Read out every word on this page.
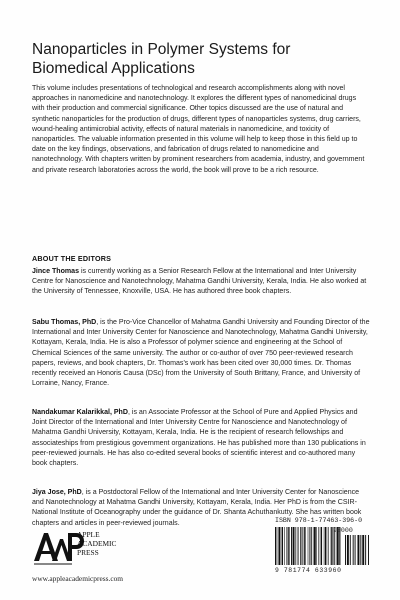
Nanoparticles in Polymer Systems for
Biomedical Applications

This volume includes presentations of technological and research accomplishments along with novel approaches in nanomedicine and nanotechnology. It explores the different types of nanomedicinal drugs with their production and commercial significance. Other topics discussed are the use of natural and synthetic nanoparticles for the production of drugs, different types of nanoparticles systems, drug carriers, wound-healing antimicrobial activity, effects of natural materials in nanomedicine, and toxicity of nanoparticles. The valuable information presented in this volume will help to keep those in this field up to date on the key findings, observations, and fabrication of drugs related to nanomedicine and nanotechnology. With chapters written by prominent researchers from academia, industry, and government and private research laboratories across the world, the book will prove to be a rich resource.

ABOUT THE EDITORS

Jince Thomas is currently working as a Senior Research Fellow at the International and Inter University Centre for Nanoscience and Nanotechnology, Mahatma Gandhi University, Kerala, India. He also worked at the University of Tennessee, Knoxville, USA. He has authored three book chapters.

Sabu Thomas, PhD, is the Pro-Vice Chancellor of Mahatma Gandhi University and Founding Director of the International and Inter University Center for Nanoscience and Nanotechnology, Mahatma Gandhi University, Kottayam, Kerala, India. He is also a Professor of polymer science and engineering at the School of Chemical Sciences of the same university. The author or co-author of over 750 peer-reviewed research papers, reviews, and book chapters, Dr. Thomas's work has been cited over 30,000 times. Dr. Thomas recently received an Honoris Causa (DSc) from the University of South Brittany, France, and University of Lorraine, Nancy, France.

Nandakumar Kalarikkal, PhD, is an Associate Professor at the School of Pure and Applied Physics and Joint Director of the International and Inter University Centre for Nanoscience and Nanotechnology of Mahatma Gandhi University, Kottayam, Kerala, India. He is the recipient of research fellowships and associateships from prestigious government organizations. He has published more than 130 publications in peer-reviewed journals. He has also co-edited several books of scientific interest and co-authored many book chapters.

Jiya Jose, PhD, is a Postdoctoral Fellow of the International and Inter University Center for Nanoscience and Nanotechnology at Mahatma Gandhi University, Kottayam, Kerala, India. Her PhD is from the CSIR-National Institute of Oceanography under the guidance of Dr. Shanta Achuthankutty. She has written book chapters and articles in peer-reviewed journals.

APPLE
ACADEMIC
PRESS
www.appleacademicpress.com
ISBN 978-1-77463-396-0
90000
9 781774 633960
